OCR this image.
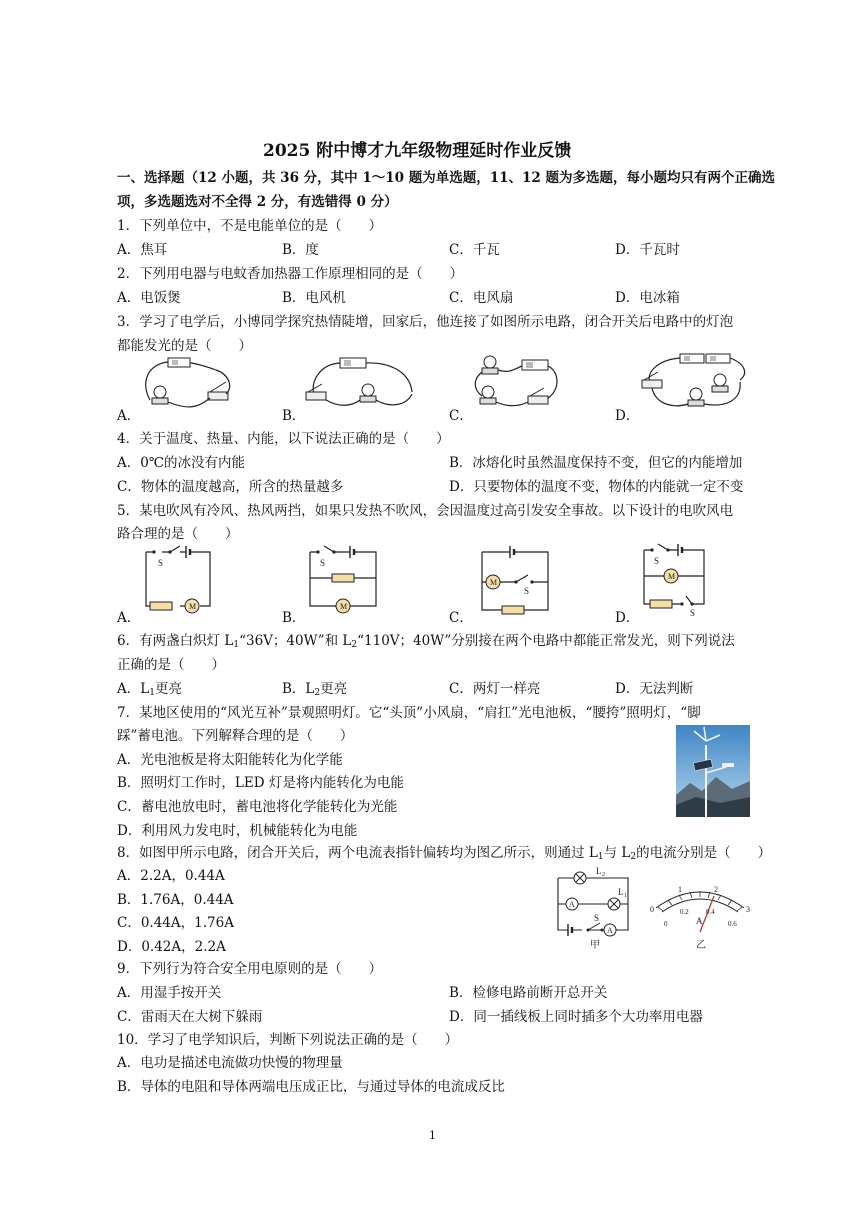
2025 附中博才九年级物理延时作业反馈
一、选择题（12 小题，共 36 分，其中 1～10 题为单选题，11、12 题为多选题，每小题均只有两个正确选
项，多选题选对不全得 2 分，有选错得 0 分）
1．下列单位中，不是电能单位的是（　　）
A．焦耳	B．度	C．千瓦	D．千瓦时
2．下列用电器与电蚊香加热器工作原理相同的是（　　）
A．电饭煲	B．电风机	C．电风扇	D．电冰箱
3．学习了电学后，小博同学探究热情陡增，回家后，他连接了如图所示电路，闭合开关后电路中的灯泡
都能发光的是（　　）
A．	B．	C．	D．
4．关于温度、热量、内能，以下说法正确的是（　　）
A．0℃的冰没有内能	B．冰熔化时虽然温度保持不变，但它的内能增加
C．物体的温度越高，所含的热量越多	D．只要物体的温度不变，物体的内能就一定不变
5．某电吹风有冷风、热风两挡，如果只发热不吹风，会因温度过高引发安全事故。以下设计的电吹风电
路合理的是（　　）
A．
S
M
B．
S
M
C．
M
S
D．
S
M
S
6．有两盏白炽灯 $L_1“36V$；40W”和 $L_2“110V$；40W”分别接在两个电路中都能正常发光，则下列说法
正确的是（　　）
A．$L_1$更亮	B．$L_2$更亮	C．两灯一样亮	D．无法判断
7．某地区使用的“风光互补”景观照明灯。它“头顶”小风扇，“肩扛”光电池板，“腰挎”照明灯，“脚
踩”蓄电池。下列解释合理的是（　　）
A．光电池板是将太阳能转化为化学能
B．照明灯工作时，LED 灯是将内能转化为电能
C．蓄电池放电时，蓄电池将化学能转化为光能
D．利用风力发电时，机械能转化为电能
8．如图甲所示电路，闭合开关后，两个电流表指针偏转均为图乙所示，则通过 $L_1$与 $L_2$的电流分别是（　　）
A．2.2A，0.44A
B．1.76A，0.44A
C．0.44A，1.76A
D．0.42A，2.2A
L 2
A
L 1
S
A
甲
0
1	2
3
0
0.2 0.4
0.6
A
乙
9．下列行为符合安全用电原则的是（　　）
A．用湿手按开关	B．检修电路前断开总开关
C．雷雨天在大树下躲雨	D．同一插线板上同时插多个大功率用电器
10．学习了电学知识后，判断下列说法正确的是（　　）
A．电功是描述电流做功快慢的物理量
B．导体的电阻和导体两端电压成正比，与通过导体的电流成反比
1
